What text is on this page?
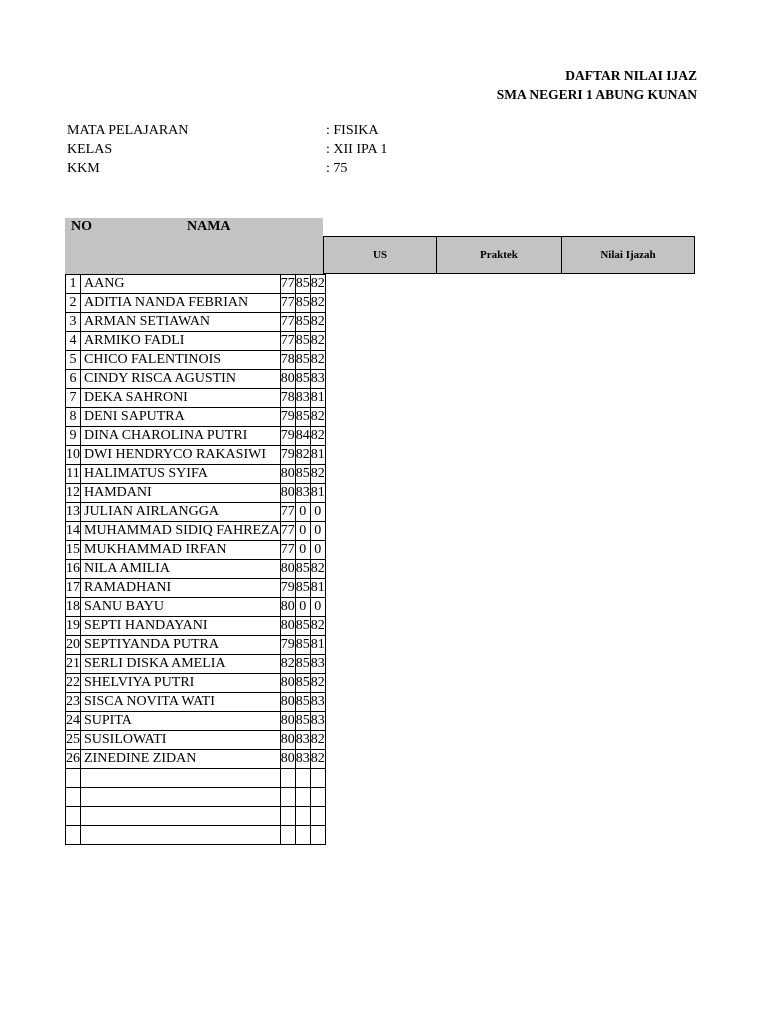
DAFTAR NILAI IJAZ
SMA NEGERI 1 ABUNG KUNAN
MATA PELAJARAN	: FISIKA
KELAS	: XII IPA 1
KKM	: 75
NO	NAMA
US	Praktek	Nilai Ijazah
1	AANG	77	85	82
2	ADITIA NANDA FEBRIAN	77	85	82
3	ARMAN SETIAWAN	77	85	82
4	ARMIKO FADLI	77	85	82
5	CHICO FALENTINOIS	78	85	82
6	CINDY RISCA AGUSTIN	80	85	83
7	DEKA SAHRONI	78	83	81
8	DENI SAPUTRA	79	85	82
9	DINA CHAROLINA PUTRI	79	84	82
10	DWI HENDRYCO RAKASIWI	79	82	81
11	HALIMATUS SYIFA	80	85	82
12	HAMDANI	80	83	81
13	JULIAN AIRLANGGA	77	0	0
14	MUHAMMAD SIDIQ FAHREZA	77	0	0
15	MUKHAMMAD IRFAN	77	0	0
16	NILA AMILIA	80	85	82
17	RAMADHANI	79	85	81
18	SANU BAYU	80	0	0
19	SEPTI HANDAYANI	80	85	82
20	SEPTIYANDA PUTRA	79	85	81
21	SERLI DISKA AMELIA	82	85	83
22	SHELVIYA PUTRI	80	85	82
23	SISCA NOVITA WATI	80	85	83
24	SUPITA	80	85	83
25	SUSILOWATI	80	83	82
26	ZINEDINE ZIDAN	80	83	82
